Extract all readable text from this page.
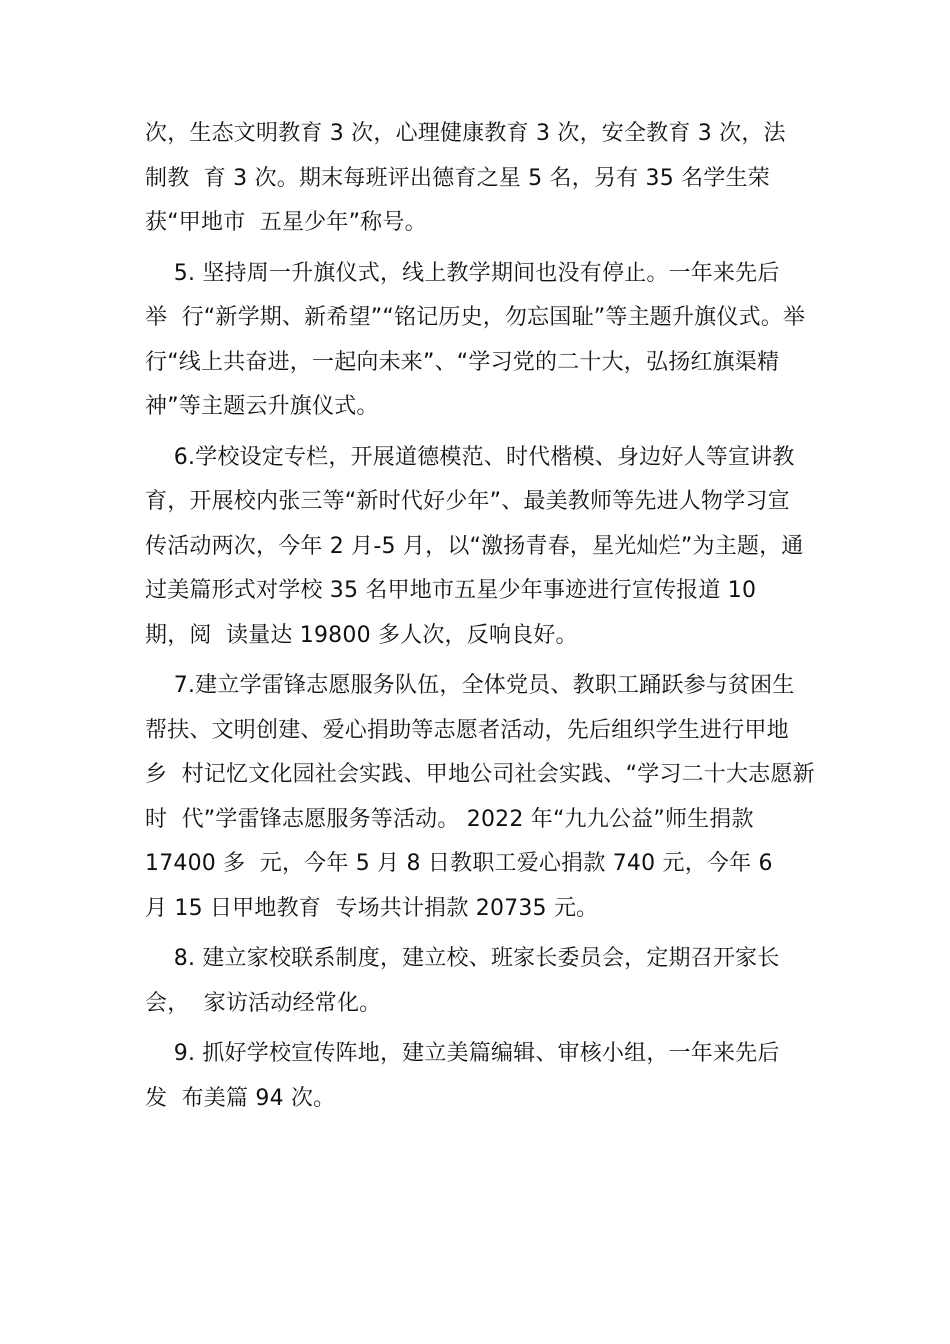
次，生态文明教育 3 次，心理健康教育 3 次，安全教育 3 次，法
制教  育 3 次。期末每班评出德育之星 5 名，另有 35 名学生荣
获“甲地市  五星少年”称号。

5. 坚持周一升旗仪式，线上教学期间也没有停止。一年来先后
举  行“新学期、新希望”“铭记历史，勿忘国耻”等主题升旗仪式。举
行“线上共奋进，一起向未来”、“学习党的二十大，弘扬红旗渠精
神”等主题云升旗仪式。

6.学校设定专栏，开展道德模范、时代楷模、身边好人等宣讲教
育，开展校内张三等“新时代好少年”、最美教师等先进人物学习宣
传活动两次，今年 2 月-5 月，以“激扬青春，星光灿烂”为主题，通
过美篇形式对学校 35 名甲地市五星少年事迹进行宣传报道 10
期，阅  读量达 19800 多人次，反响良好。

7.建立学雷锋志愿服务队伍，全体党员、教职工踊跃参与贫困生
帮扶、文明创建、爱心捐助等志愿者活动，先后组织学生进行甲地
乡  村记忆文化园社会实践、甲地公司社会实践、“学习二十大志愿新
时  代”学雷锋志愿服务等活动。 2022 年“九九公益”师生捐款
17400 多  元，今年 5 月 8 日教职工爱心捐款 740 元，今年 6
月 15 日甲地教育  专场共计捐款 20735 元。

8. 建立家校联系制度，建立校、班家长委员会，定期召开家长
会，  家访活动经常化。

9. 抓好学校宣传阵地，建立美篇编辑、审核小组，一年来先后
发  布美篇 94 次。
